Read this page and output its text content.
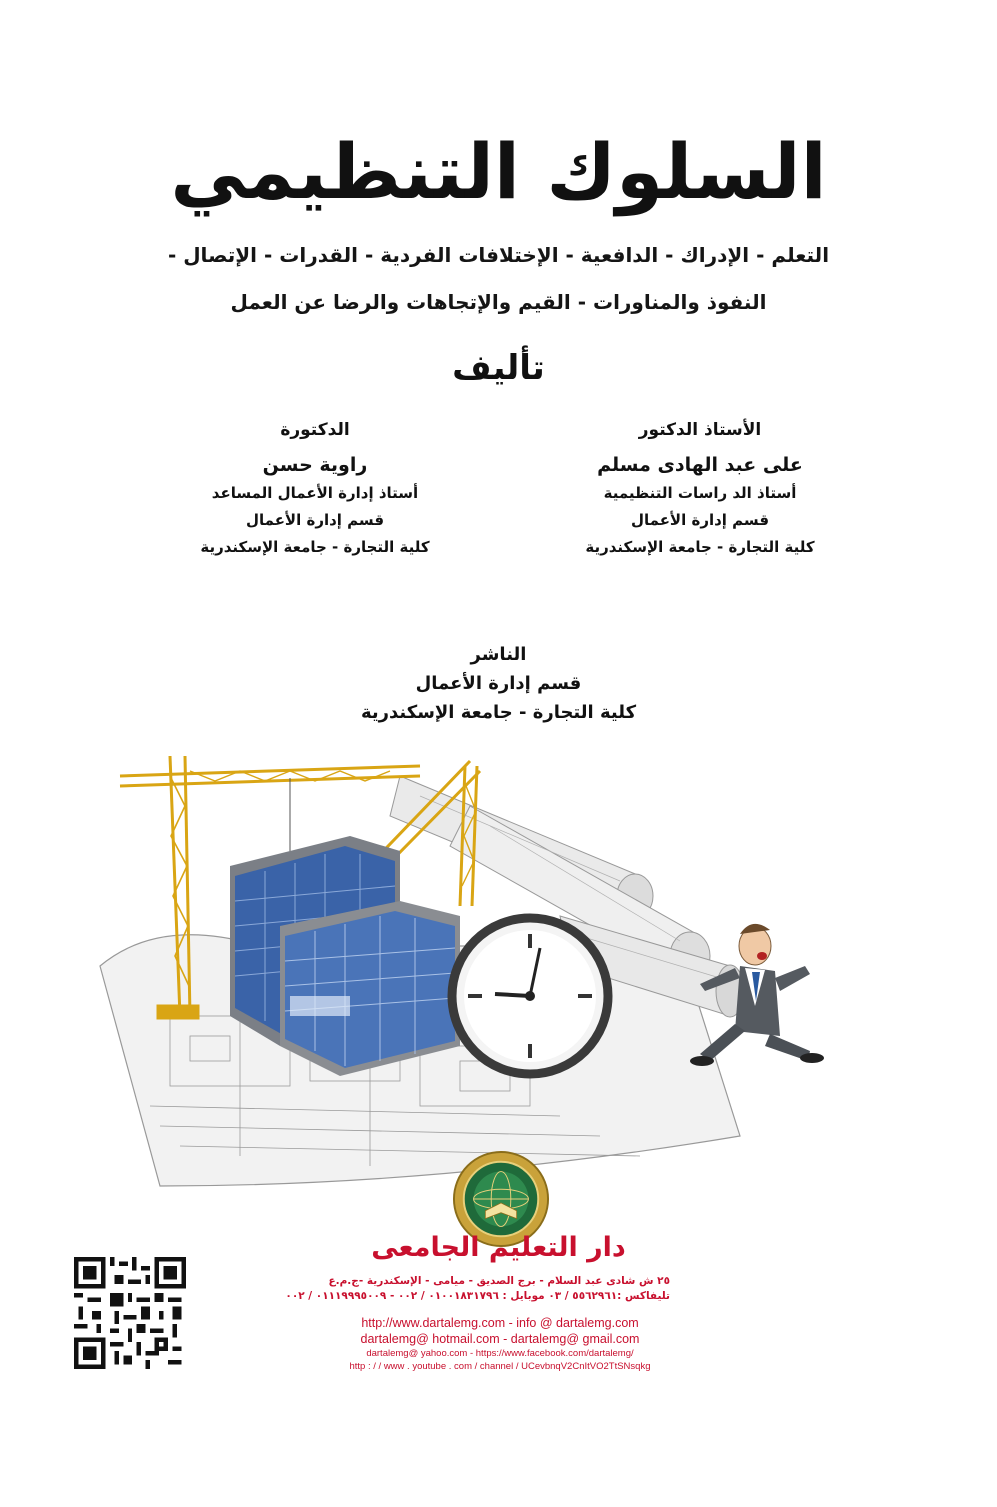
السلوك التنظيمي
التعلم - الإدراك - الدافعية - الإختلافات الفردية - القدرات - الإتصال -
النفوذ والمناورات - القيم والإتجاهات والرضا عن العمل
تأليف
الأستاذ الدكتور
على عبد الهادى مسلم
أستاذ الد راسات التنظيمية
قسم إدارة الأعمال
كلية التجارة - جامعة الإسكندرية
الدكتورة
راوية حسن
أستاذ إدارة الأعمال المساعد
قسم إدارة الأعمال
كلية التجارة - جامعة الإسكندرية
الناشر
قسم إدارة الأعمال
كلية التجارة - جامعة الإسكندرية
دار التعليم الجامعى
٢٥ ش شادى عبد السلام - برج الصديق - ميامى - الإسكندرية -ج.م.ع
تليفاكس :٥٥٦٢٩٦١ / ٠٣ موبايل : ٠١٠٠١٨٣١٧٩٦ / ٠٠٢ - ٠١١١٩٩٩٥٠٠٩ / ٠٠٢
http://www.dartalemg.com - info @ dartalemg.com
dartalemg@ hotmail.com - dartalemg@ gmail.com
dartalemg@ yahoo.com - https://www.facebook.com/dartalemg/
http : / / www . youtube . com / channel / UCevbnqV2CnItVO2TtSNsqkg
